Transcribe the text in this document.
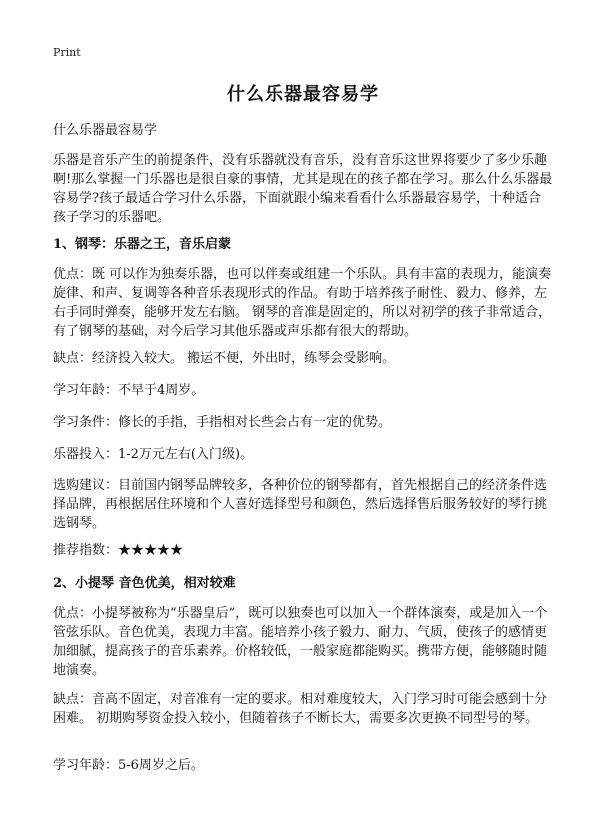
Print
什么乐器最容易学

什么乐器最容易学

乐器是音乐产生的前提条件，没有乐器就没有音乐，没有音乐这世界将要少了多少乐趣啊!那么掌握一门乐器也是很自豪的事情，尤其是现在的孩子都在学习。那么什么乐器最容易学?孩子最适合学习什么乐器，下面就跟小编来看看什么乐器最容易学，十种适合孩子学习的乐器吧。

1、钢琴：乐器之王，音乐启蒙

优点：既 可以作为独奏乐器，也可以伴奏或组建一个乐队。具有丰富的表现力，能演奏旋律、和声、复调等各种音乐表现形式的作品。有助于培养孩子耐性、毅力、修养，左 右手同时弹奏，能够开发左右脑。 钢琴的音准是固定的，所以对初学的孩子非常适合，有了钢琴的基础，对今后学习其他乐器或声乐都有很大的帮助。

缺点：经济投入较大。 搬运不便，外出时，练琴会受影响。

学习年龄：不早于4周岁。

学习条件：修长的手指，手指相对长些会占有一定的优势。

乐器投入：1-2万元左右(入门级)。

选购建议：目前国内钢琴品牌较多，各种价位的钢琴都有，首先根据自己的经济条件选择品牌，再根据居住环境和个人喜好选择型号和颜色，然后选择售后服务较好的琴行挑选钢琴。

推荐指数：★★★★★

2、小提琴 音色优美，相对较难

优点：小提琴被称为“乐器皇后”，既可以独奏也可以加入一个群体演奏，或是加入一个管弦乐队。音色优美，表现力丰富。能培养小孩子毅力、耐力、气质，使孩子的感情更加细腻，提高孩子的音乐素养。价格较低，一般家庭都能购买。携带方便，能够随时随地演奏。

缺点：音高不固定，对音准有一定的要求。相对难度较大，入门学习时可能会感到十分困难。 初期购琴资金投入较小，但随着孩子不断长大，需要多次更换不同型号的琴。

学习年龄：5-6周岁之后。
